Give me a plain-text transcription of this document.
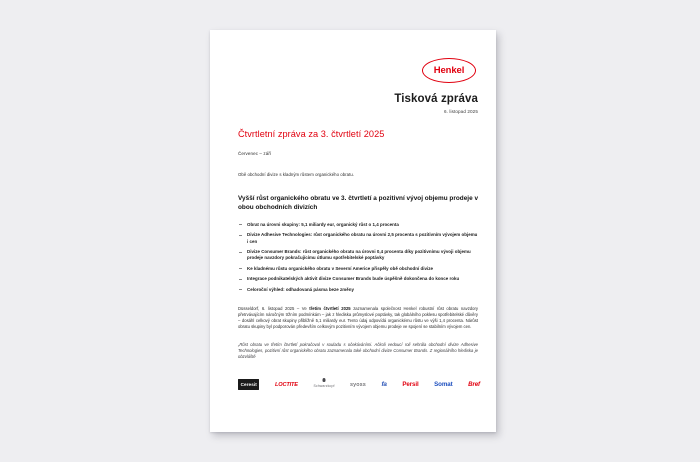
Henkel
Tisková zpráva
6. listopad 2025
Čtvrtletní zpráva za 3. čtvrtletí 2025

Červenec – září

Obě obchodní divize s kladným růstem organického obratu.

Vyšší růst organického obratu ve 3. čtvrtletí a pozitivní vývoj objemu prodeje v obou obchodních divizích
Obrat na úrovni skupiny: 5,1 miliardy eur, organický růst o 1,4 procenta
Divize Adhesive Technologies: růst organického obratu na úrovni 2,5 procenta s pozitivním vývojem objemu i cen
Divize Consumer Brands: růst organického obratu na úrovni 0,4 procenta díky pozitivnímu vývoji objemu prodeje navzdory pokračujícímu útlumu spotřebitelské poptávky
Ke kladnému růstu organického obratu v Severní Americe přispěly obě obchodní divize
Integrace podnikatelských aktivit divize Consumer Brands bude úspěšně dokončena do konce roku
Celoroční výhled: odhadovaná pásma beze změny

Düsseldorf, 6. listopad 2025 – Ve třetím čtvrtletí 2025 zaznamenala společnost Henkel robustní růst obratu navzdory přetrvávajícím náročným tržním podmínkám – jak z hlediska průmyslové poptávky, tak globálního poklesu spotřebitelské důvěry – dosáhl celkový obrat skupiny přibližně 5,1 miliardy eur. Tento údaj odpovídá organickému růstu ve výši 1,4 procenta. Nárůst obratu skupiny byl podporován především celkovým pozitivním vývojem objemu prodeje ve spojení se stabilním vývojem cen.

„Růst obratu ve třetím čtvrtletí pokračoval v souladu s očekáváními. Ačkoli vedoucí roli sehrála obchodní divize Adhesive Technologies, pozitivní růst organického obratu zaznamenala také obchodní divize Consumer Brands. Z regionálního hlediska je obzvláště

Ceresit	LOCTITE	Schwarzkopf	syoss fa	Persil	Somat	Bref
